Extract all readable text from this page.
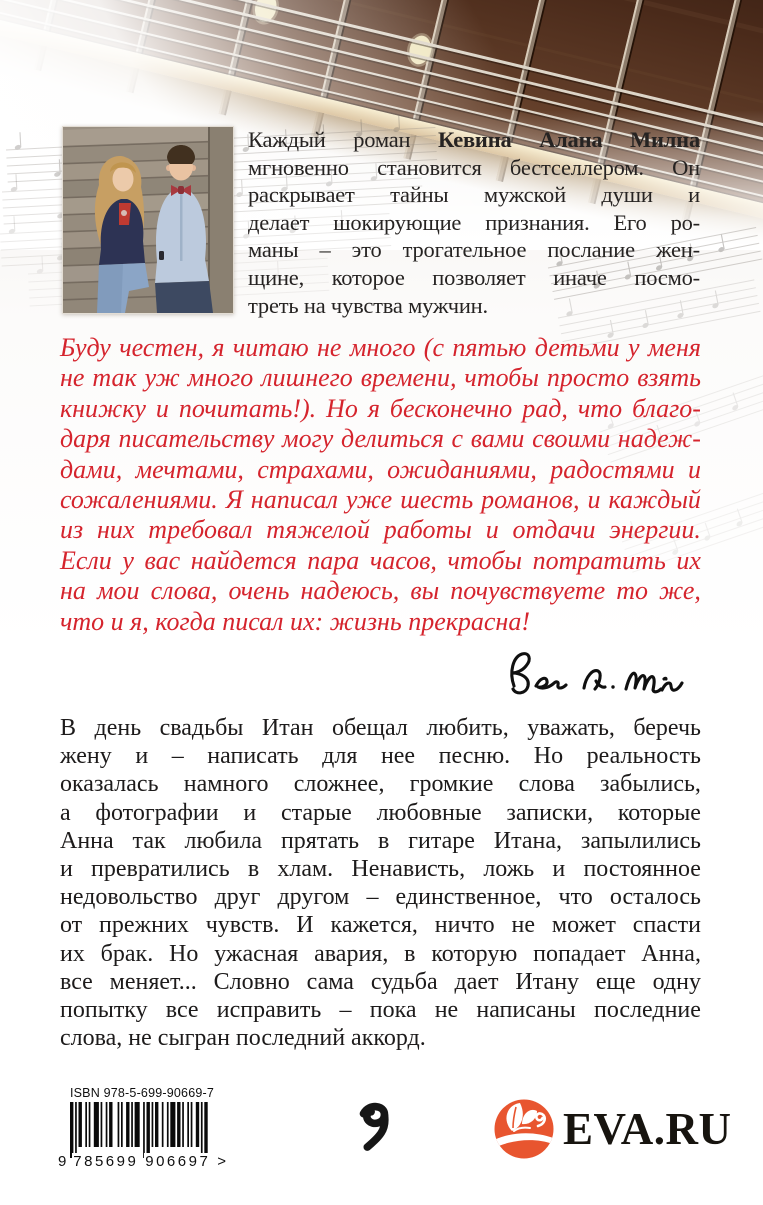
Каждый роман Кевина Алана Милна
мгновенно становится бестселлером. Он
раскрывает тайны мужской души и
делает шокирующие признания. Его ро-
маны – это трогательное послание жен-
щине, которое позволяет иначе посмо-
треть на чувства мужчин.
Буду честен, я читаю не много (с пятью детьми у меня
не так уж много лишнего времени, чтобы просто взять
книжку и почитать!). Но я бесконечно рад, что благо-
даря писательству могу делиться с вами своими надеж-
дами, мечтами, страхами, ожиданиями, радостями и
сожалениями. Я написал уже шесть романов, и каждый
из них требовал тяжелой работы и отдачи энергии.
Если у вас найдется пара часов, чтобы потратить их
на мои слова, очень надеюсь, вы почувствуете то же,
что и я, когда писал их: жизнь прекрасна!
В день свадьбы Итан обещал любить, уважать, беречь
жену и – написать для нее песню. Но реальность
оказалась намного сложнее, громкие слова забылись,
а фотографии и старые любовные записки, которые
Анна так любила прятать в гитаре Итана, запылились
и превратились в хлам. Ненависть, ложь и постоянное
недовольство друг другом – единственное, что осталось
от прежних чувств. И кажется, ничто не может спасти
их брак. Но ужасная авария, в которую попадает Анна,
все меняет... Словно сама судьба дает Итану еще одну
попытку все исправить – пока не написаны последние
слова, не сыгран последний аккорд.
ISBN 978-5-699-90669-7
9 785699 906697 >
EVA.RU
